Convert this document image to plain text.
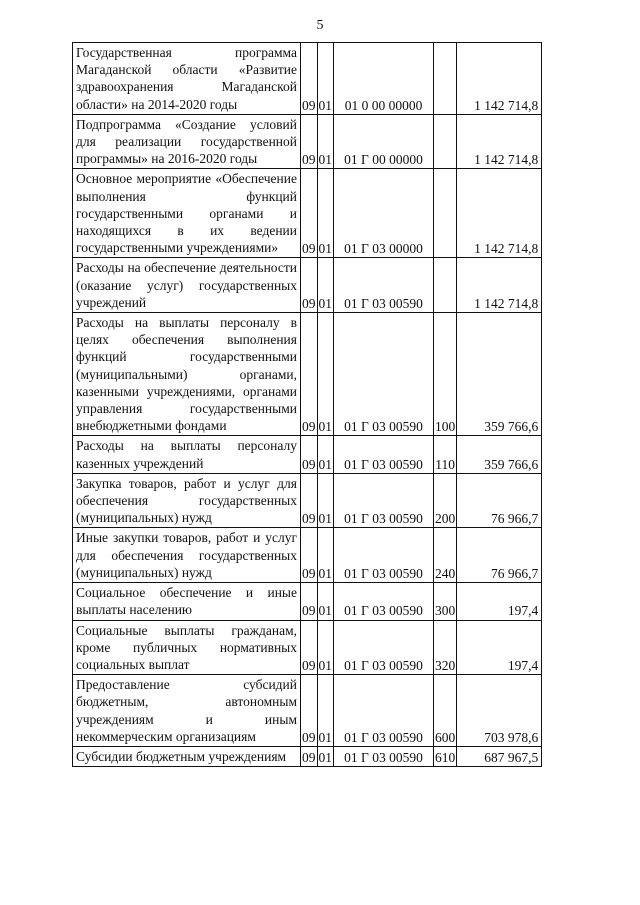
5
Государственная программа Магаданской области «Развитие здравоохранения Магаданской области» на 2014-2020 годы	09	01	01 0 00 00000		1 142 714,8
Подпрограмма «Создание условий для реализации государственной программы» на 2016-2020 годы	09	01	01 Г 00 00000		1 142 714,8
Основное мероприятие «Обеспечение выполнения функций государственными органами и находящихся в их ведении государственными учреждениями»	09	01	01 Г 03 00000		1 142 714,8
Расходы на обеспечение деятельности (оказание услуг) государственных учреждений	09	01	01 Г 03 00590		1 142 714,8
Расходы на выплаты персоналу в целях обеспечения выполнения функций государственными (муниципальными) органами, казенными учреждениями, органами управления государственными внебюджетными фондами	09	01	01 Г 03 00590	100	359 766,6
Расходы на выплаты персоналу казенных учреждений	09	01	01 Г 03 00590	110	359 766,6
Закупка товаров, работ и услуг для обеспечения государственных (муниципальных) нужд	09	01	01 Г 03 00590	200	76 966,7
Иные закупки товаров, работ и услуг для обеспечения государственных (муниципальных) нужд	09	01	01 Г 03 00590	240	76 966,7
Социальное обеспечение и иные выплаты населению	09	01	01 Г 03 00590	300	197,4
Социальные выплаты гражданам, кроме публичных нормативных социальных выплат	09	01	01 Г 03 00590	320	197,4
Предоставление субсидий бюджетным, автономным учреждениям и иным некоммерческим организациям	09	01	01 Г 03 00590	600	703 978,6
Субсидии бюджетным учреждениям	09	01	01 Г 03 00590	610	687 967,5
